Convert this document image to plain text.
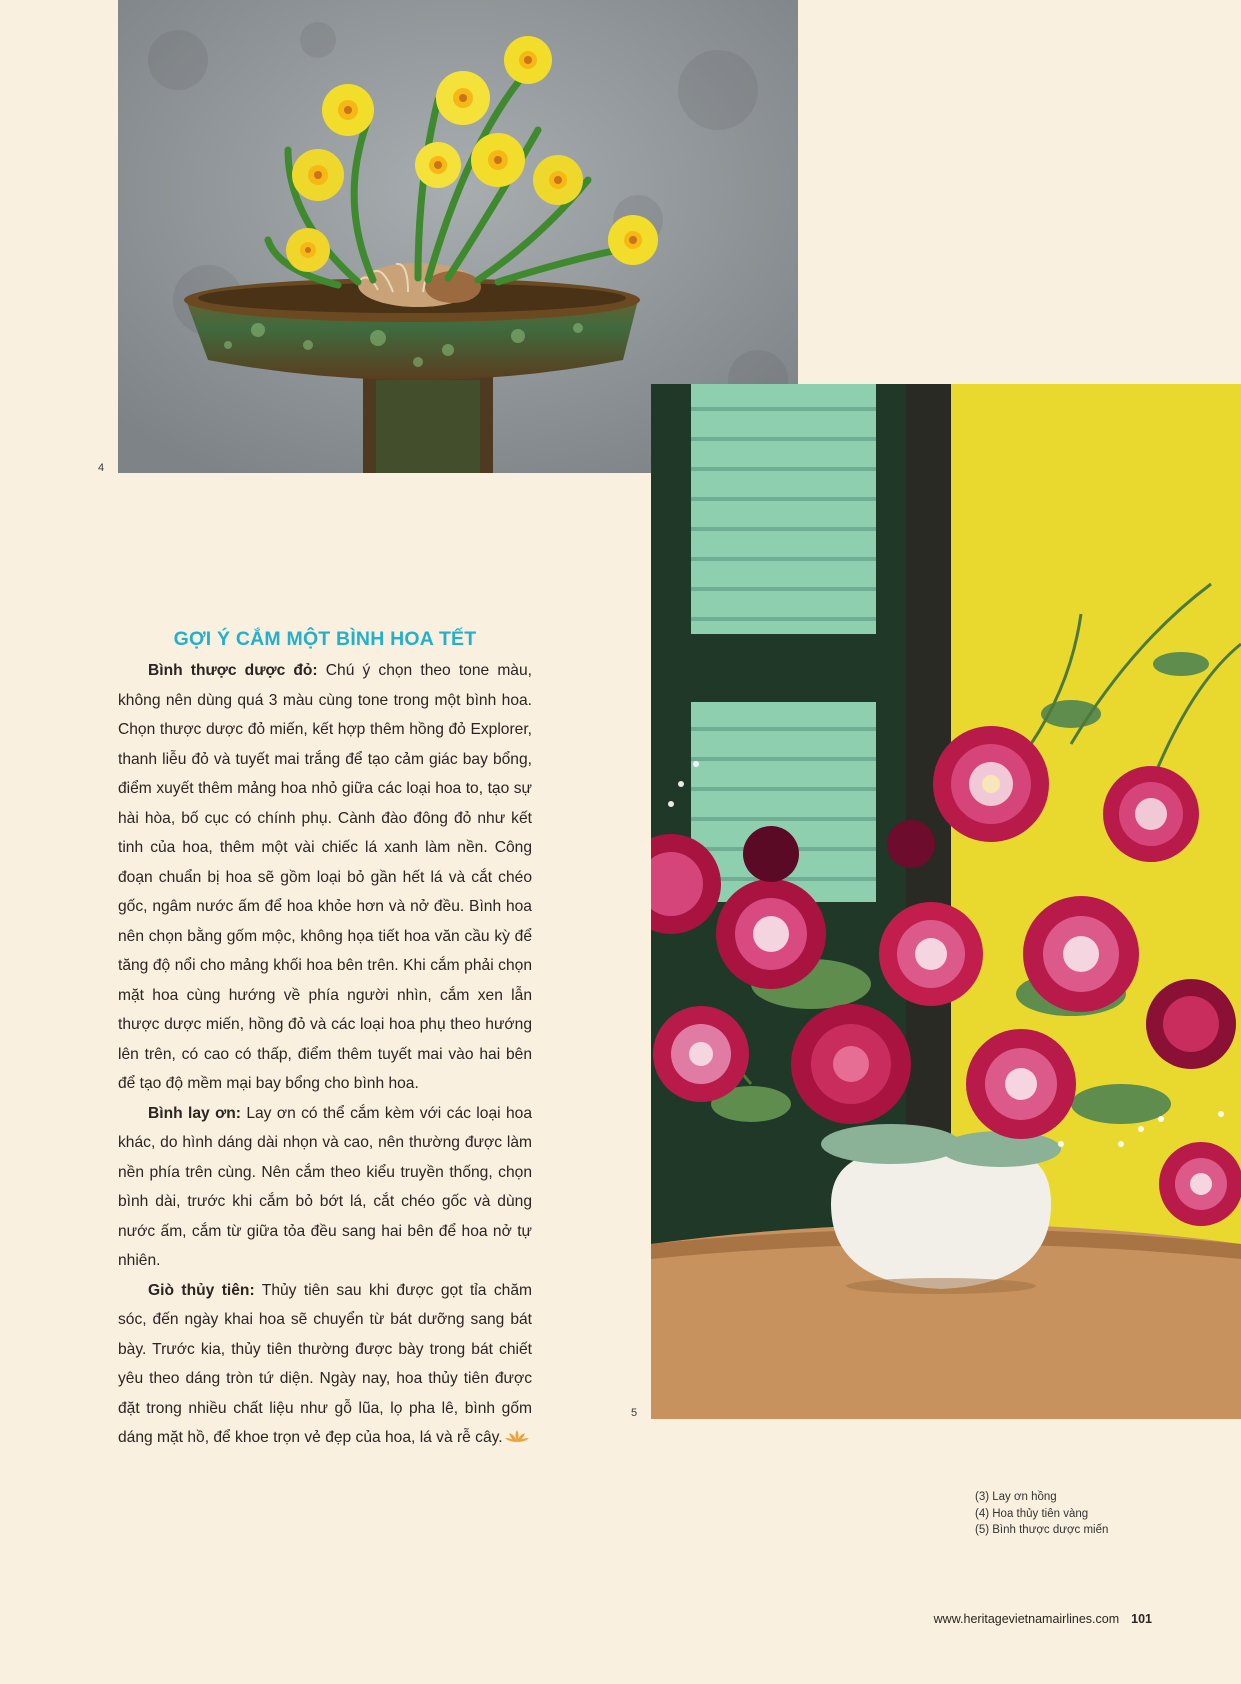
4
5
GỢI Ý CẮM MỘT BÌNH HOA TẾT

Bình thược dược đỏ: Chú ý chọn theo tone màu, không nên dùng quá 3 màu cùng tone trong một bình hoa. Chọn thược dược đỏ miến, kết hợp thêm hồng đỏ Explorer, thanh liễu đỏ và tuyết mai trắng để tạo cảm giác bay bổng, điểm xuyết thêm mảng hoa nhỏ giữa các loại hoa to, tạo sự hài hòa, bố cục có chính phụ. Cành đào đông đỏ như kết tinh của hoa, thêm một vài chiếc lá xanh làm nền. Công đoạn chuẩn bị hoa sẽ gồm loại bỏ gần hết lá và cắt chéo gốc, ngâm nước ấm để hoa khỏe hơn và nở đều. Bình hoa nên chọn bằng gốm mộc, không họa tiết hoa văn cầu kỳ để tăng độ nổi cho mảng khối hoa bên trên. Khi cắm phải chọn mặt hoa cùng hướng về phía người nhìn, cắm xen lẫn thược dược miến, hồng đỏ và các loại hoa phụ theo hướng lên trên, có cao có thấp, điểm thêm tuyết mai vào hai bên để tạo độ mềm mại bay bổng cho bình hoa.

Bình lay ơn: Lay ơn có thể cắm kèm với các loại hoa khác, do hình dáng dài nhọn và cao, nên thường được làm nền phía trên cùng. Nên cắm theo kiểu truyền thống, chọn bình dài, trước khi cắm bỏ bớt lá, cắt chéo gốc và dùng nước ấm, cắm từ giữa tỏa đều sang hai bên để hoa nở tự nhiên.

Giò thủy tiên: Thủy tiên sau khi được gọt tỉa chăm sóc, đến ngày khai hoa sẽ chuyển từ bát dưỡng sang bát bày. Trước kia, thủy tiên thường được bày trong bát chiết yêu theo dáng tròn tứ diện. Ngày nay, hoa thủy tiên được đặt trong nhiều chất liệu như gỗ lũa, lọ pha lê, bình gốm dáng mặt hồ, để khoe trọn vẻ đẹp của hoa, lá và rễ cây.

(3) Lay ơn hồng
(4) Hoa thủy tiên vàng
(5) Bình thược dược miến
www.heritagevietnamairlines.com 101
